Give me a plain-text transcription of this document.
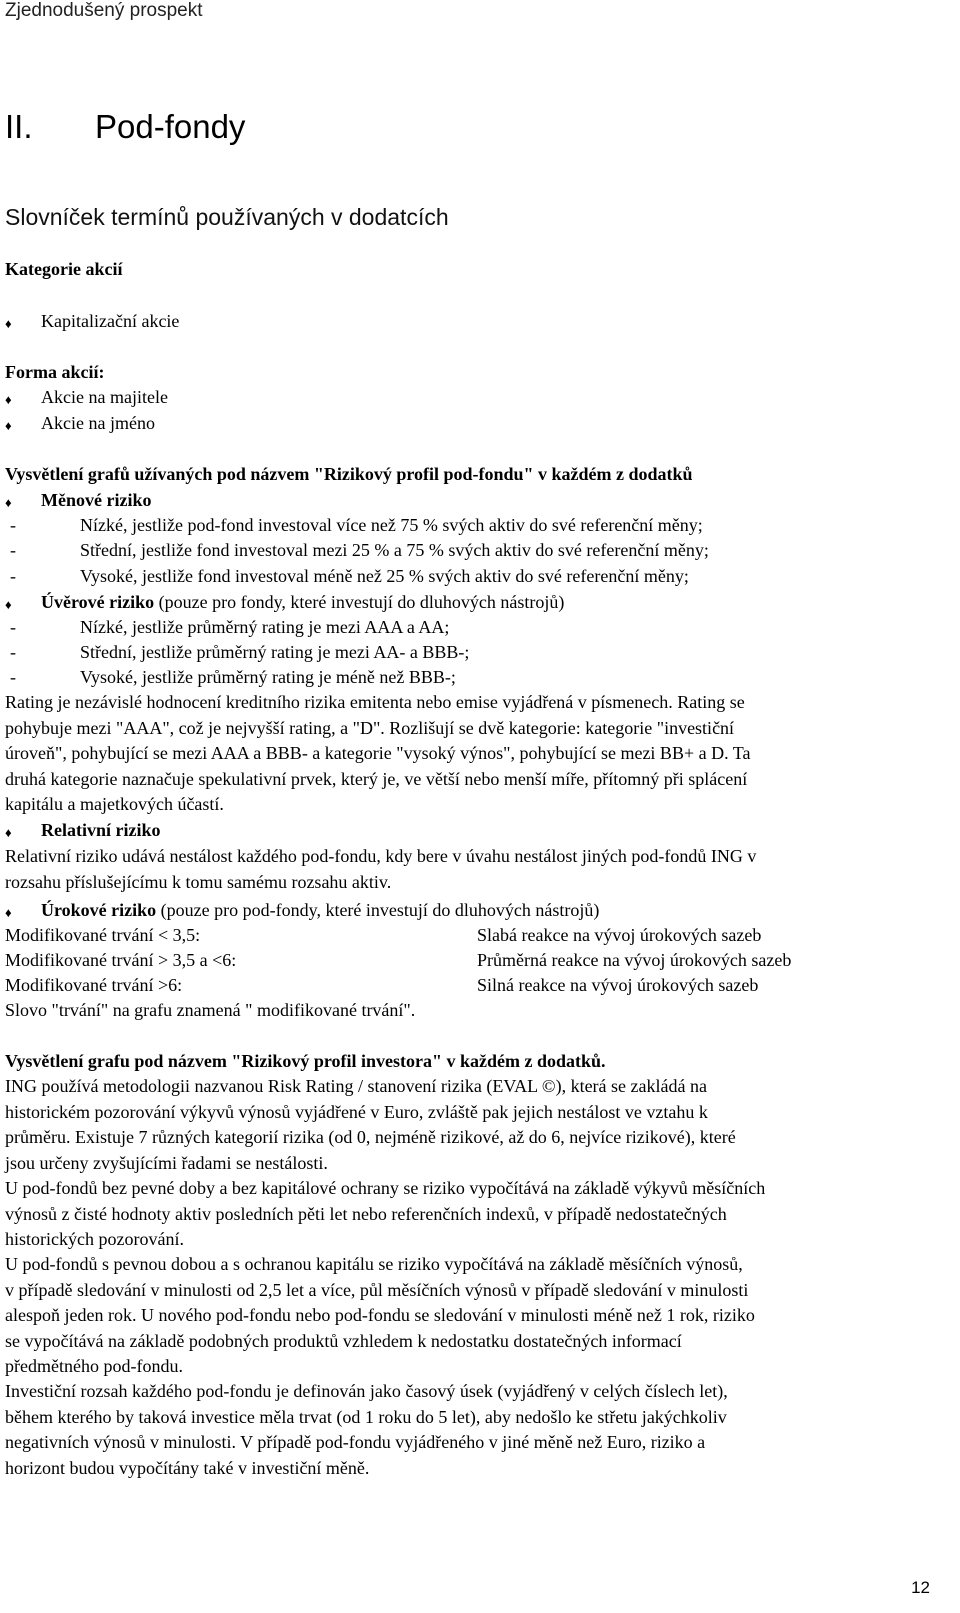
Zjednodušený prospekt
II. Pod-fondy
Slovníček termínů používaných v dodatcích
Kategorie akcií
♦ Kapitalizační akcie
Forma akcií:
♦ Akcie na majitele
♦ Akcie na jméno
Vysvětlení grafů užívaných pod názvem "Rizikový profil pod-fondu" v každém z dodatků
♦ Měnové riziko
-	Nízké, jestliže pod-fond investoval více než 75 % svých aktiv do své referenční měny;
-	Střední, jestliže fond investoval mezi 25 % a 75 % svých aktiv do své referenční měny;
-	Vysoké, jestliže fond investoval méně než 25 % svých aktiv do své referenční měny;
♦ Úvěrové riziko (pouze pro fondy, které investují do dluhových nástrojů)
-	Nízké, jestliže průměrný rating je mezi AAA a AA;
-	Střední, jestliže průměrný rating je mezi AA- a BBB-;
-	Vysoké, jestliže průměrný rating je méně než BBB-;
Rating je nezávislé hodnocení kreditního rizika emitenta nebo emise vyjádřená v písmenech. Rating se
pohybuje mezi "AAA", což je nejvyšší rating, a "D". Rozlišují se dvě kategorie: kategorie "investiční
úroveň", pohybující se mezi AAA a BBB- a kategorie "vysoký výnos", pohybující se mezi BB+ a D. Ta
druhá kategorie naznačuje spekulativní prvek, který je, ve větší nebo menší míře, přítomný při splácení
kapitálu a majetkových účastí.
♦ Relativní riziko
Relativní riziko udává nestálost každého pod-fondu, kdy bere v úvahu nestálost jiných pod-fondů ING v
rozsahu příslušejícímu k tomu samému rozsahu aktiv.
♦ Úrokové riziko (pouze pro pod-fondy, které investují do dluhových nástrojů)
Modifikované trvání < 3,5:	Slabá reakce na vývoj úrokových sazeb
Modifikované trvání > 3,5 a <6:	Průměrná reakce na vývoj úrokových sazeb
Modifikované trvání >6:	Silná reakce na vývoj úrokových sazeb
Slovo "trvání" na grafu znamená " modifikované trvání".
Vysvětlení grafu pod názvem "Rizikový profil investora" v každém z dodatků.
ING používá metodologii nazvanou Risk Rating / stanovení rizika (EVAL ©), která se zakládá na
historickém pozorování výkyvů výnosů vyjádřené v Euro, zvláště pak jejich nestálost ve vztahu k
průměru. Existuje 7 různých kategorií rizika (od 0, nejméně rizikové, až do 6, nejvíce rizikové), které
jsou určeny zvyšujícími řadami se nestálosti.
U pod-fondů bez pevné doby a bez kapitálové ochrany se riziko vypočítává na základě výkyvů měsíčních
výnosů z čisté hodnoty aktiv posledních pěti let nebo referenčních indexů, v případě nedostatečných
historických pozorování.
U pod-fondů s pevnou dobou a s ochranou kapitálu se riziko vypočítává na základě měsíčních výnosů,
v případě sledování v minulosti od 2,5 let a více, půl měsíčních výnosů v případě sledování v minulosti
alespoň jeden rok. U nového pod-fondu nebo pod-fondu se sledování v minulosti méně než 1 rok, riziko
se vypočítává na základě podobných produktů vzhledem k nedostatku dostatečných informací
předmětného pod-fondu.
Investiční rozsah každého pod-fondu je definován jako časový úsek (vyjádřený v celých číslech let),
během kterého by taková investice měla trvat (od 1 roku do 5 let), aby nedošlo ke střetu jakýchkoliv
negativních výnosů v minulosti. V případě pod-fondu vyjádřeného v jiné měně než Euro, riziko a
horizont budou vypočítány také v investiční měně.
12
